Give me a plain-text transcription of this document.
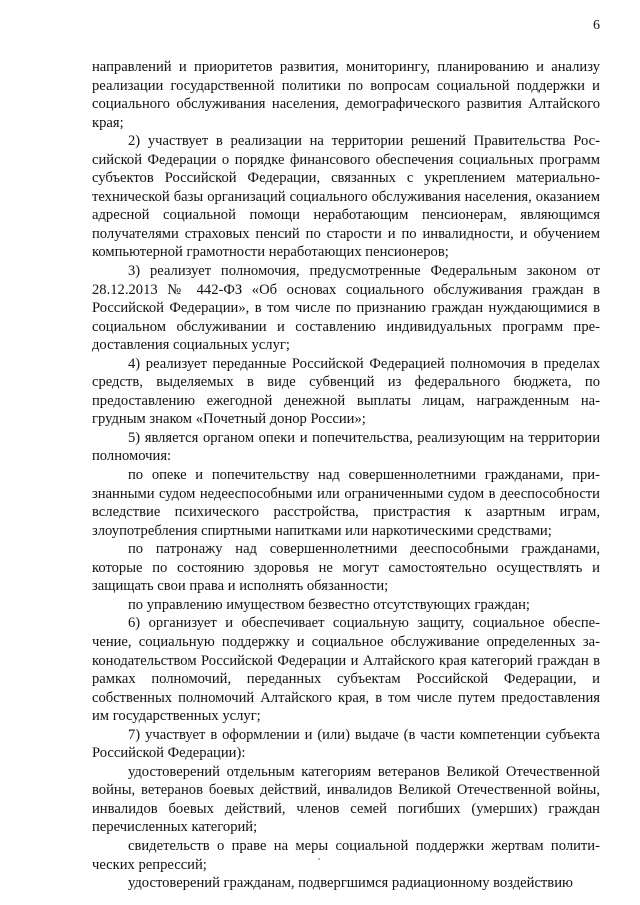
6

направлений и приоритетов развития, мониторингу, планированию и анализу реализации государственной политики по вопросам социальной поддержки и социального обслуживания населения, демографического развития Алтайского края;

2) участвует в реализации на территории решений Правительства Российской Федерации о порядке финансового обеспечения социальных программ субъектов Российской Федерации, связанных с укреплением материально-технической базы организаций социального обслуживания населения, оказанием адресной социальной помощи неработающим пенсионерам, являющимся получателями страховых пенсий по старости и по инвалидности, и обучением компьютерной грамотности неработающих пенсионеров;

3) реализует полномочия, предусмотренные Федеральным законом от 28.12.2013 № 442-ФЗ «Об основах социального обслуживания граждан в Российской Федерации», в том числе по признанию граждан нуждающимися в социальном обслуживании и составлению индивидуальных программ предоставления социальных услуг;

4) реализует переданные Российской Федерацией полномочия в пределах средств, выделяемых в виде субвенций из федерального бюджета, по предоставлению ежегодной денежной выплаты лицам, награжденным нагрудным знаком «Почетный донор России»;

5) является органом опеки и попечительства, реализующим на территории полномочия:

по опеке и попечительству над совершеннолетними гражданами, признанными судом недееспособными или ограниченными судом в дееспособности вследствие психического расстройства, пристрастия к азартным играм, злоупотребления спиртными напитками или наркотическими средствами;

по патронажу над совершеннолетними дееспособными гражданами, которые по состоянию здоровья не могут самостоятельно осуществлять и защищать свои права и исполнять обязанности;

по управлению имуществом безвестно отсутствующих граждан;

6) организует и обеспечивает социальную защиту, социальное обеспечение, социальную поддержку и социальное обслуживание определенных законодательством Российской Федерации и Алтайского края категорий граждан в рамках полномочий, переданных субъектам Российской Федерации, и собственных полномочий Алтайского края, в том числе путем предоставления им государственных услуг;

7) участвует в оформлении и (или) выдаче (в части компетенции субъекта Российской Федерации):

удостоверений отдельным категориям ветеранов Великой Отечественной войны, ветеранов боевых действий, инвалидов Великой Отечественной войны, инвалидов боевых действий, членов семей погибших (умерших) граждан перечисленных категорий;

свидетельств о праве на меры социальной поддержки жертвам политических репрессий;

удостоверений гражданам, подвергшимся радиационному воздействию
